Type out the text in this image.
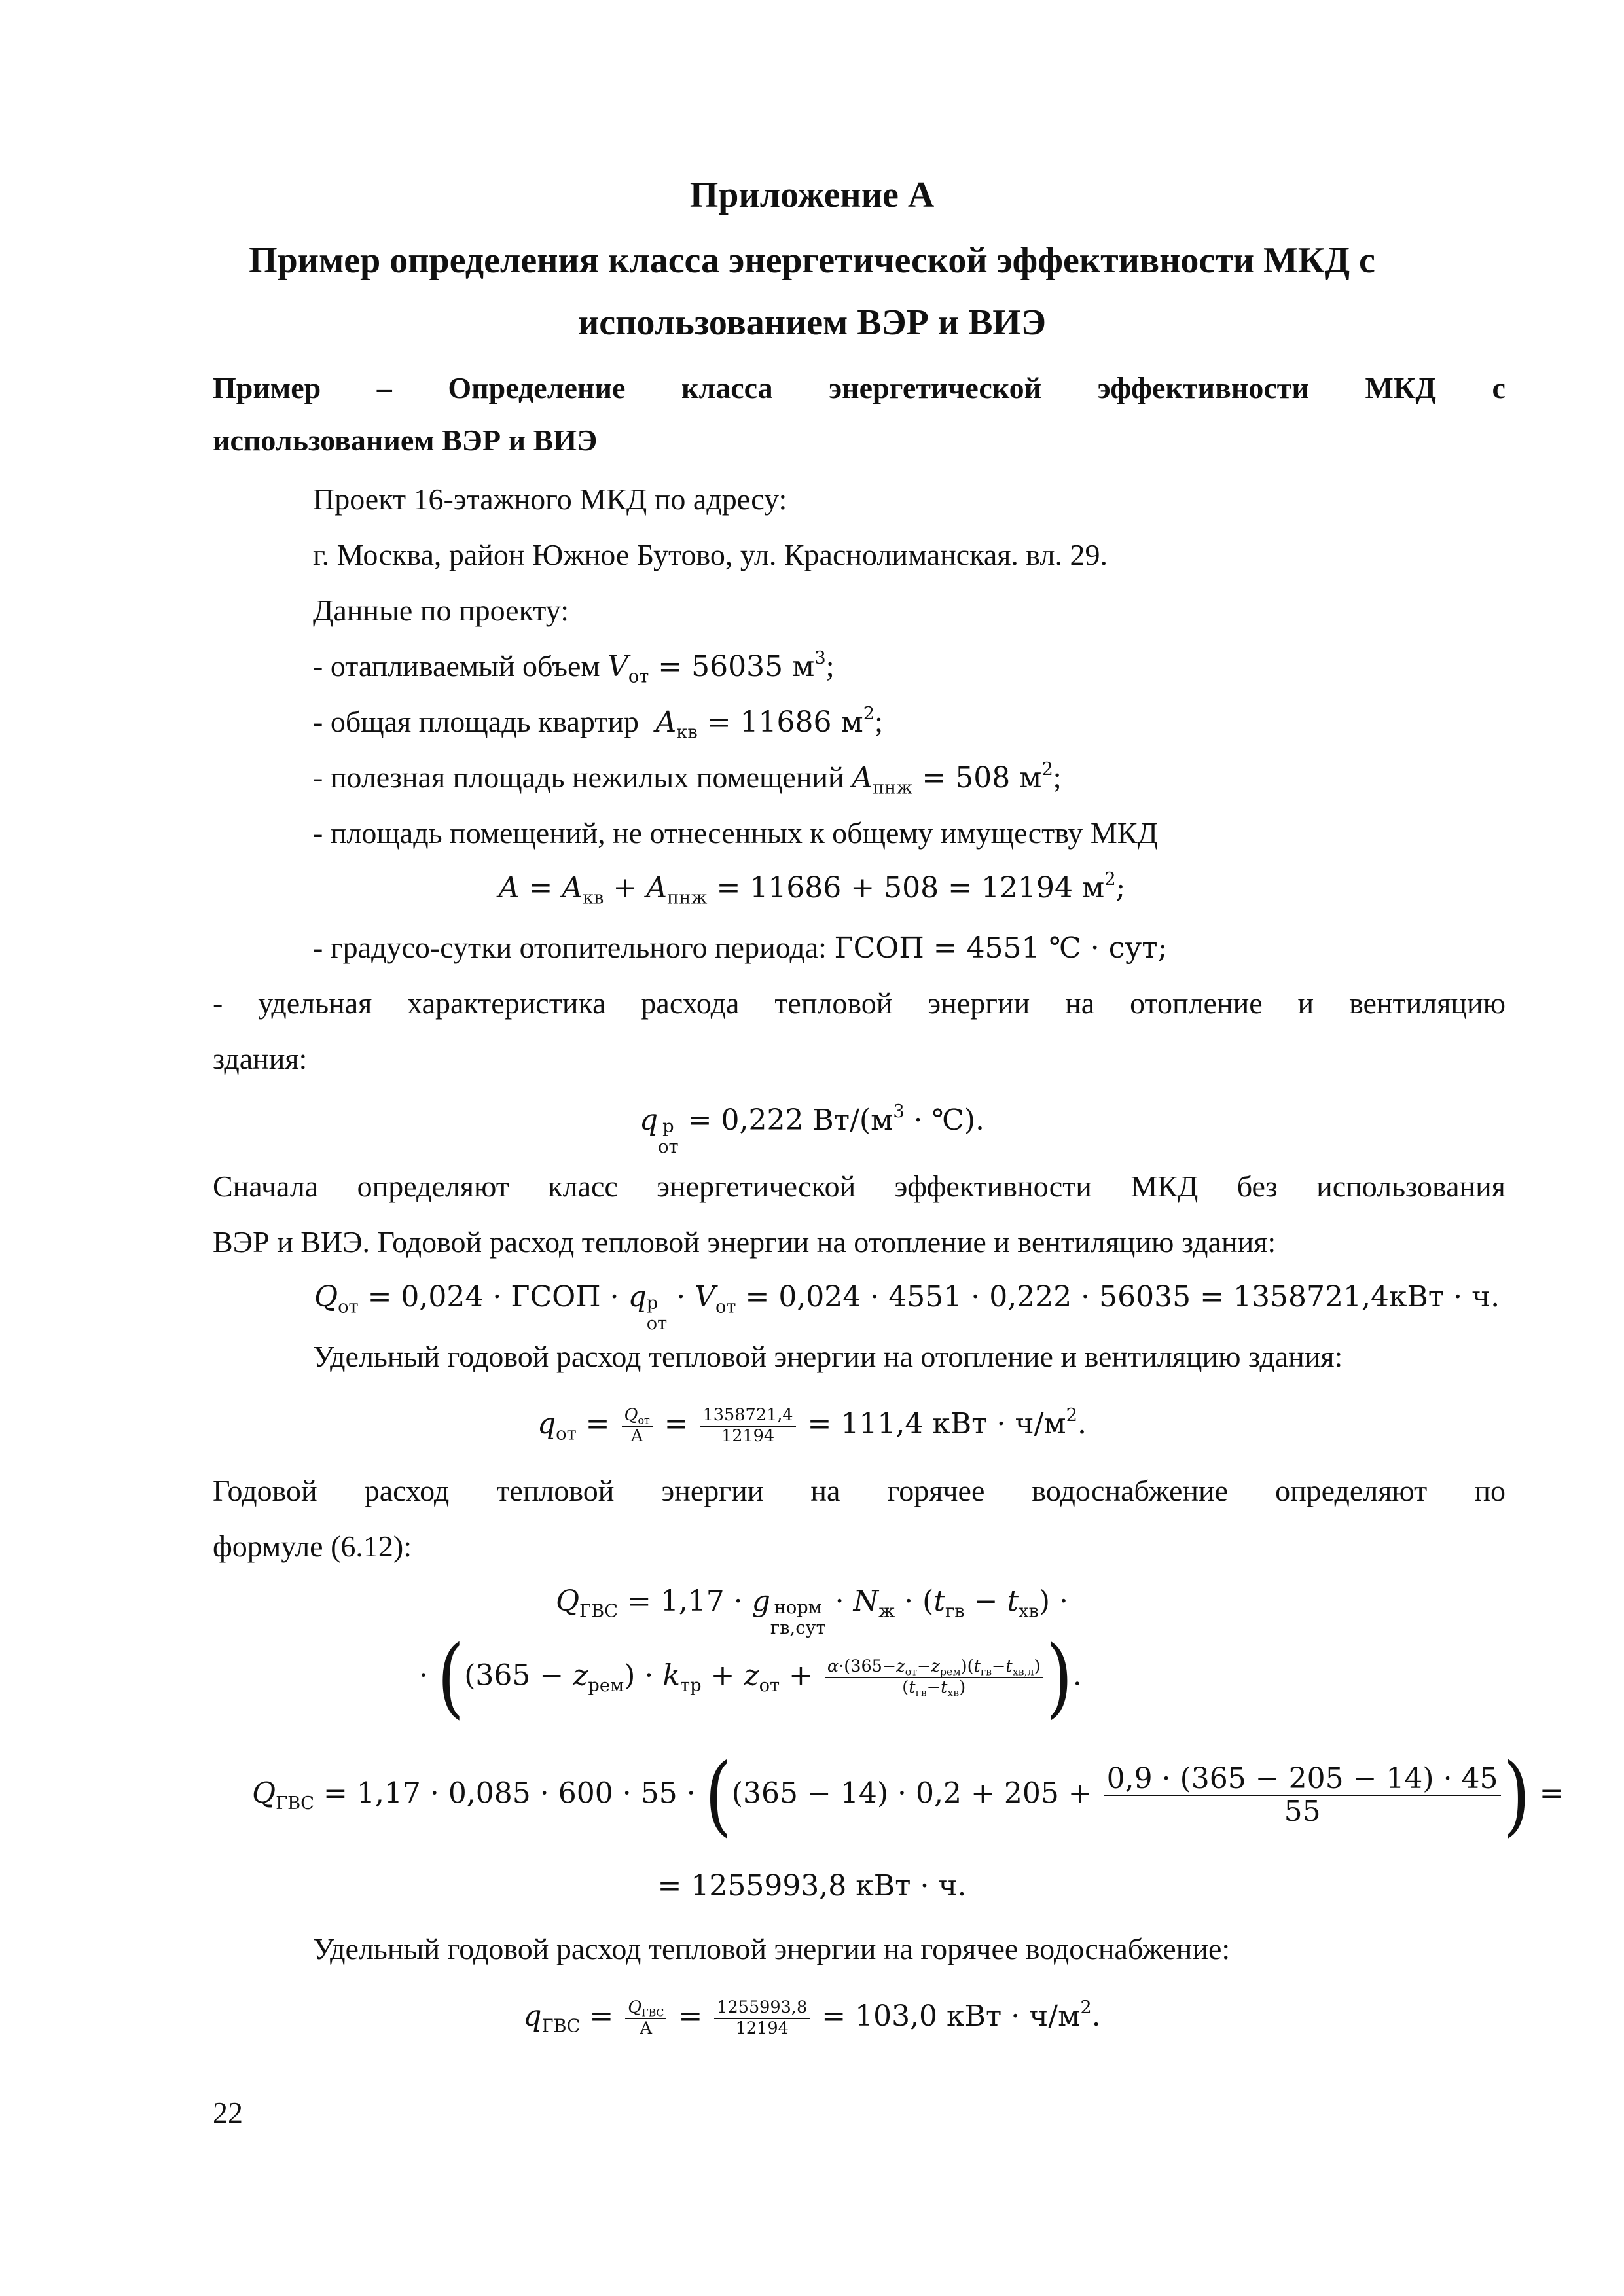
Приложение А
Пример определения класса энергетической эффективности МКД с
использованием ВЭР и ВИЭ
Пример – Определение класса энергетической эффективности МКД с
использованием ВЭР и ВИЭ
Проект 16-этажного МКД по адресу:
г. Москва, район Южное Бутово, ул. Краснолиманская. вл. 29.
Данные по проекту:
- отапливаемый объем $V_{от} = 56035$ $м^3$;
- общая площадь квартир $A_{кв} = 11686$ $м^2$;
- полезная площадь нежилых помещений $A_{пнж} = 508$ $м^2$;
- площадь помещений, не отнесенных к общему имуществу МКД
$A = A_{кв} + A_{пнж} = 11686 + 508 = 12194$ $м^2$;
- градусо-сутки отопительного периода: ГСОП = 4551 ℃ · сут;
- удельная характеристика расхода тепловой энергии на отопление и вентиляцию
здания:
q р
от
= 0,222 $Вт/(м^3$ · ℃).
Сначала определяют класс энергетической эффективности МКД без использования
ВЭР и ВИЭ. Годовой расход тепловой энергии на отопление и вентиляцию здания:
$Q_{от} = 0,024$ · ГСОП · q р
от
· $V_{от} = 0,024 \cdot 4551 \cdot 0,222 \cdot 56035 = 1358721,4кВт \cdot ч$.
Удельный годовой расход тепловой энергии на отопление и вентиляцию здания:
$q_{от} = \frac{Q_{от}}{A} = \frac{1358721,4}{12194} = 111,4$ кВт · $ч/м^2$.
Годовой расход тепловой энергии на горячее водоснабжение определяют по
формуле (6.12):
$Q_{ГВС} = 1,17 \cdot g$ норм
гв,сут
· $N_ж \cdot (t_{гв} - t_{хв})$ ·
· ($(365 - z_{рем}) \cdot k_{тр} + z_{от} + \frac{\alpha\cdot(365-z_{от}-z_{рем})(t_{гв}-t_{хв,л})}{(t_{гв}-t_{хв})}$ ).
$Q_{ГВС} = 1,17 \cdot 0,085 \cdot 600 \cdot 55 \cdot ((365 - 14) \cdot 0,2 + 205 + \frac{0,9 \cdot (365 - 205 - 14) \cdot 45}{55}$ ) =
= 1255993,8 кВт · ч.
Удельный годовой расход тепловой энергии на горячее водоснабжение:
$q_{ГВС} = \frac{Q_{ГВС}}{A} = \frac{1255993,8}{12194} = 103,0$ кВт · $ч/м^2$.
22
